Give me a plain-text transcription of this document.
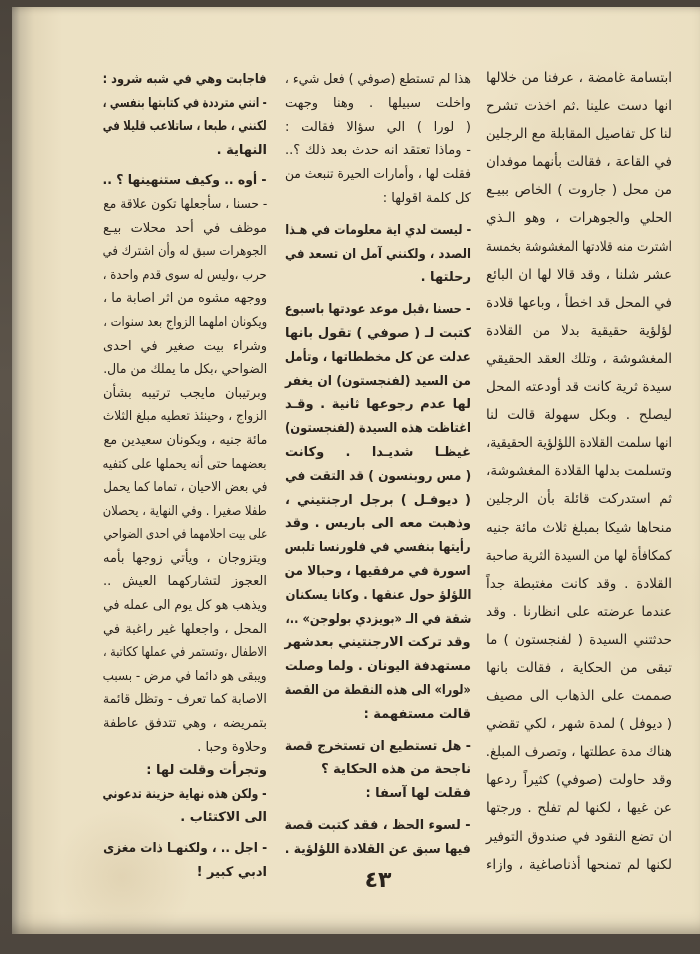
ابتسامة غامضة ، عرفنا من خلالها
انها دست علينا .ثم اخذت تشرح
لنا كل تفاصيل المقابلة مع الرجلين
في القاعة ، فقالت بأنهما موفدان
من محل ( جاروت ) الخاص ببيـع
الحلي والجوهرات ، وهو الـذي
اشترت منه قلادتها المغشوشة بخمسة
عشر شلنا ، وقد قالا لها ان البائع
في المحل قد اخطأ ، وباعها قلادة
لؤلؤية حقيقية بدلا من القلادة
المغشوشة ، وتلك العقد الحقيقي
سيدة ثرية كانت قد أودعته المحل
ليصلح . وبكل سهولة قالت لنا
انها سلمت القلادة اللؤلؤية الحقيقية،
وتسلمت بدلها القلادة المغشوشة،
ثم استدركت قائلة بأن الرجلين
منحاها شيكا بمبلغ ثلاث مائة جنيه
كمكافأة لها من السيدة الثرية صاحبة
القلادة . وقد كانت مغتبطة جداً
عندما عرضته على انظارنا . وقد
حدثتني السيدة ( لفنجستون ) ما
تبقى من الحكاية ، فقالت بانها
صممت على الذهاب الى مصيف
( ديوفل ) لمدة شهر ، لكي تقضي
هناك مدة عطلتها ، وتصرف المبلغ.
وقد حاولت (صوفي) كثيراً ردعها
عن غيها ، لكنها لم تفلح . ورجتها
ان تضع النقود في صندوق التوفير
لكنها لم تمنحها أذناصاغية ، وازاء
هذا لم تستطع (صوفي ) فعل شيء ،
واخلت سبيلها . وهنا وجهت
( لورا ) الي سؤالا فقالت :
- وماذا تعتقد انه حدث بعد ذلك ؟..
فقلت لها ، وأمارات الحيرة تنبعث من
كل كلمة اقولها :
- ليست لدي اية معلومات في هـذا
الصدد ، ولكنني آمل ان تسعد في
رحلتها .
- حسنا ،قبل موعد عودتها باسبوع
كتبت لـ ( صوفي ) تقول بانها
عدلت عن كل مخططاتها ، وتأمل
من السيد (لفنجستون) ان يغفر
لها عدم رجوعها ثانية . وقـد
اغتاظت هذه السيدة (لفنجستون)
غيظـا شديـدا . وكانت
( مس روبنسون ) قد التقت في
( ديوفـل ) برجل ارجنتيني ،
وذهبت معه الى باريس . وقد
رأيتها بنفسي في فلورنسا تلبس
اسورة في مرفقيها ، وحبالا من
اللؤلؤ حول عنقها . وكانا يسكنان
شقة في الـ «بويزدي بولوجن» ..،
وقد تركت الارجنتيني بعدشهر
مستهدفة اليونان . ولما وصلت
«لورا» الى هذه النقطة من القصة
قالت مستفهمة :
- هل تستطيع ان تستخرج قصة
ناجحة من هذه الحكاية ؟
فقلت لها آسفا :
- لسوء الحظ ، فقد كتبت قصة
فيها سبق عن القلادة اللؤلؤية .
فاجابت وهي في شبه شرود :
- انني مترددة في كتابتها بنفسي ،
لكنني ، طبعا ، ساتلاعب قليلا في
النهاية .
- أوه .. وكيف ستنهينها ؟ ..
- حسنا ، سأجعلها تكون علاقة مع
موظف في أحد محلات بيـع
الجوهرات سبق له وأن اشترك في
حرب ،وليس له سوى قدم واحدة ،
ووجهه مشوه من اثر اصابة ما ،
ويكونان املهما الزواج بعد سنوات ،
وشراء بيت صغير في احدى
الضواحي ،بكل ما يملك من مال.
وبرتيبان مايجب ترتيبه بشأن
الزواج ، وحينئذ تعطيه مبلغ الثلاث
مائة جنيه ، ويكونان سعيدين مع
بعضهما حتى أنه يحملها على كتفيه
في بعض الاحيان ، تماما كما يحمل
طفلا صغيرا . وفي النهاية ، يحصلان
على بيت احلامهما في احدى الضواحي
ويتزوجان ، ويأتي زوجها بأمه
العجوز لتشاركهما العيش ..
ويذهب هو كل يوم الى عمله في
المحل ، واجعلها غير راغبة في
الاطفال ،وتستمر في عملها ككاتبة ،
ويبقى هو دائما في مرض - بسبب
الاصابة كما تعرف - وتظل قائمة
بتمريضه ، وهي تتدفق عاطفة
وحلاوة وحبا .
وتجرأت وقلت لها :
- ولكن هذه نهاية حزينة تدعوني
الى الاكتئاب .
- اجل .. ، ولكنهـا ذات مغزى
ادبي كبير !	٤٣
